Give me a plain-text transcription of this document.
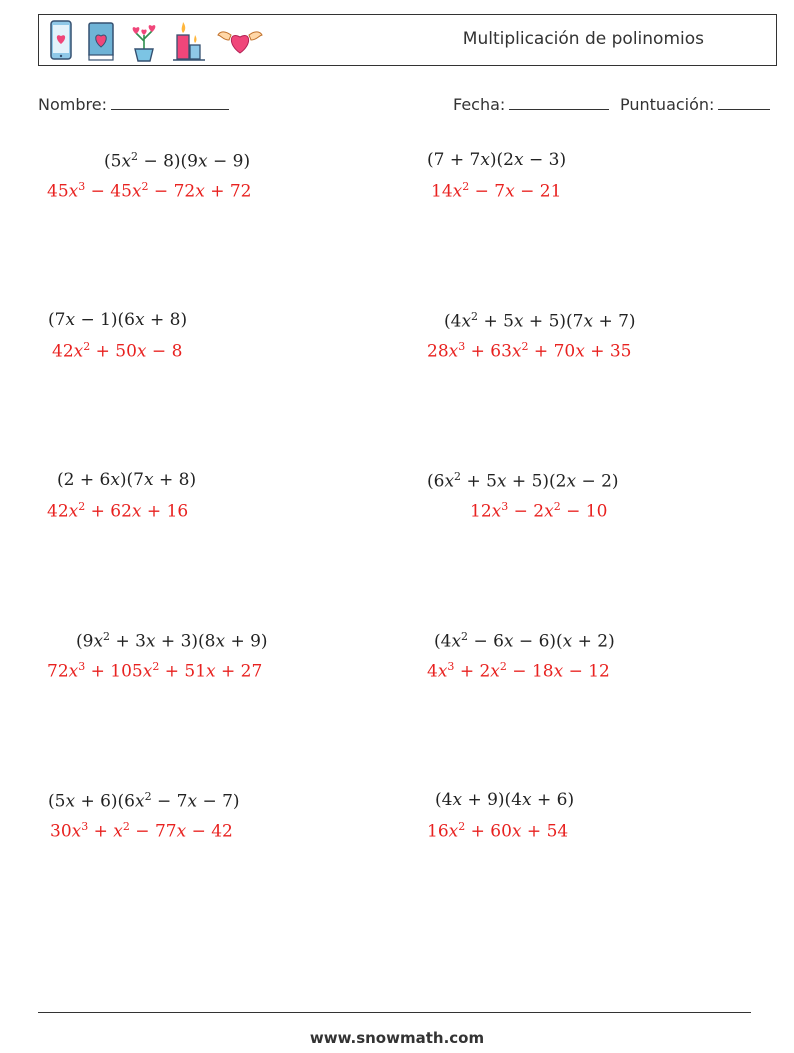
Multiplicación de polinomios
Nombre:	Fecha:	Puntuación:
$(5x^2 - 8)(9x - 9)$
$45x^3 - 45x^2 - 72x + 72$
(7 + 7x)(2x − 3)
$14x^2 - 7x - 21$
(7x − 1)(6x + 8)
$42x^2 + 50x - 8$
$(4x^2 + 5x + 5)(7x + 7)$
$28x^3 + 63x^2 + 70x + 35$
(2 + 6x)(7x + 8)
$42x^2 + 62x + 16$
$(6x^2 + 5x + 5)(2x - 2)$
$12x^3 - 2x^2 - 10$
$(9x^2 + 3x + 3)(8x + 9)$
$72x^3 + 105x^2 + 51x + 27$
$(4x^2 - 6x - 6)(x + 2)$
$4x^3 + 2x^2 - 18x - 12$
$(5x + 6)(6x^2 - 7x - 7)$
$30x^3 + x^2 - 77x - 42$
(4x + 9)(4x + 6)
$16x^2 + 60x + 54$
www.snowmath.com
